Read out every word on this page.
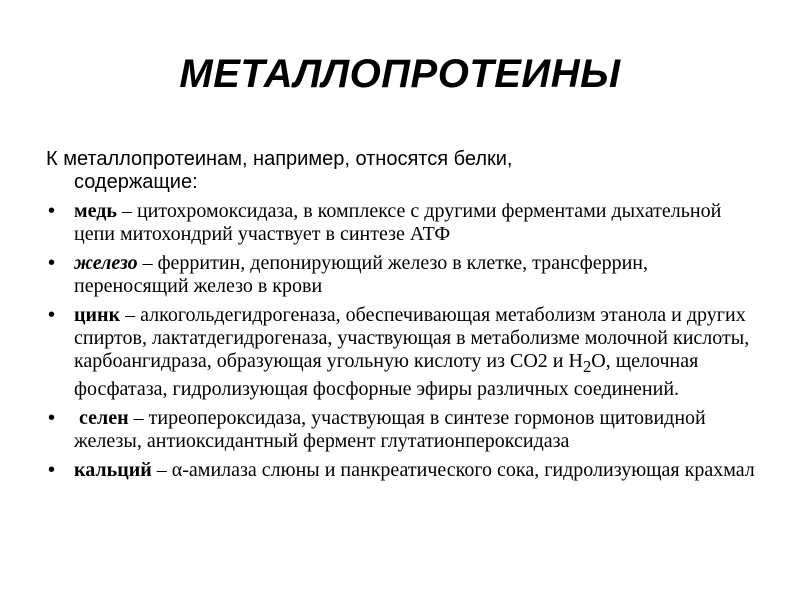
МЕТАЛЛОПРОТЕИНЫ
К металлопротеинам, например, относятся белки,
содержащие:
• медь – цитохромоксидаза, в комплексе с другими ферментами дыхательной цепи митохондрий участвует в синтезе АТФ
• железо – ферритин, депонирующий железо в клетке, трансферрин, переносящий железо в крови
• цинк – алкогольдегидрогеназа, обеспечивающая метаболизм этанола и других спиртов, лактатдегидрогеназа, участвующая в метаболизме молочной кислоты, карбоангидраза, образующая угольную кислоту из СО2 и $Н_2О$, щелочная фосфатаза, гидролизующая фосфорные эфиры различных соединений.
• селен – тиреопероксидаза, участвующая в синтезе гормонов щитовидной железы, антиоксидантный фермент глутатионпероксидаза
• кальций – α-амилаза слюны и панкреатического сока, гидролизующая крахмал
